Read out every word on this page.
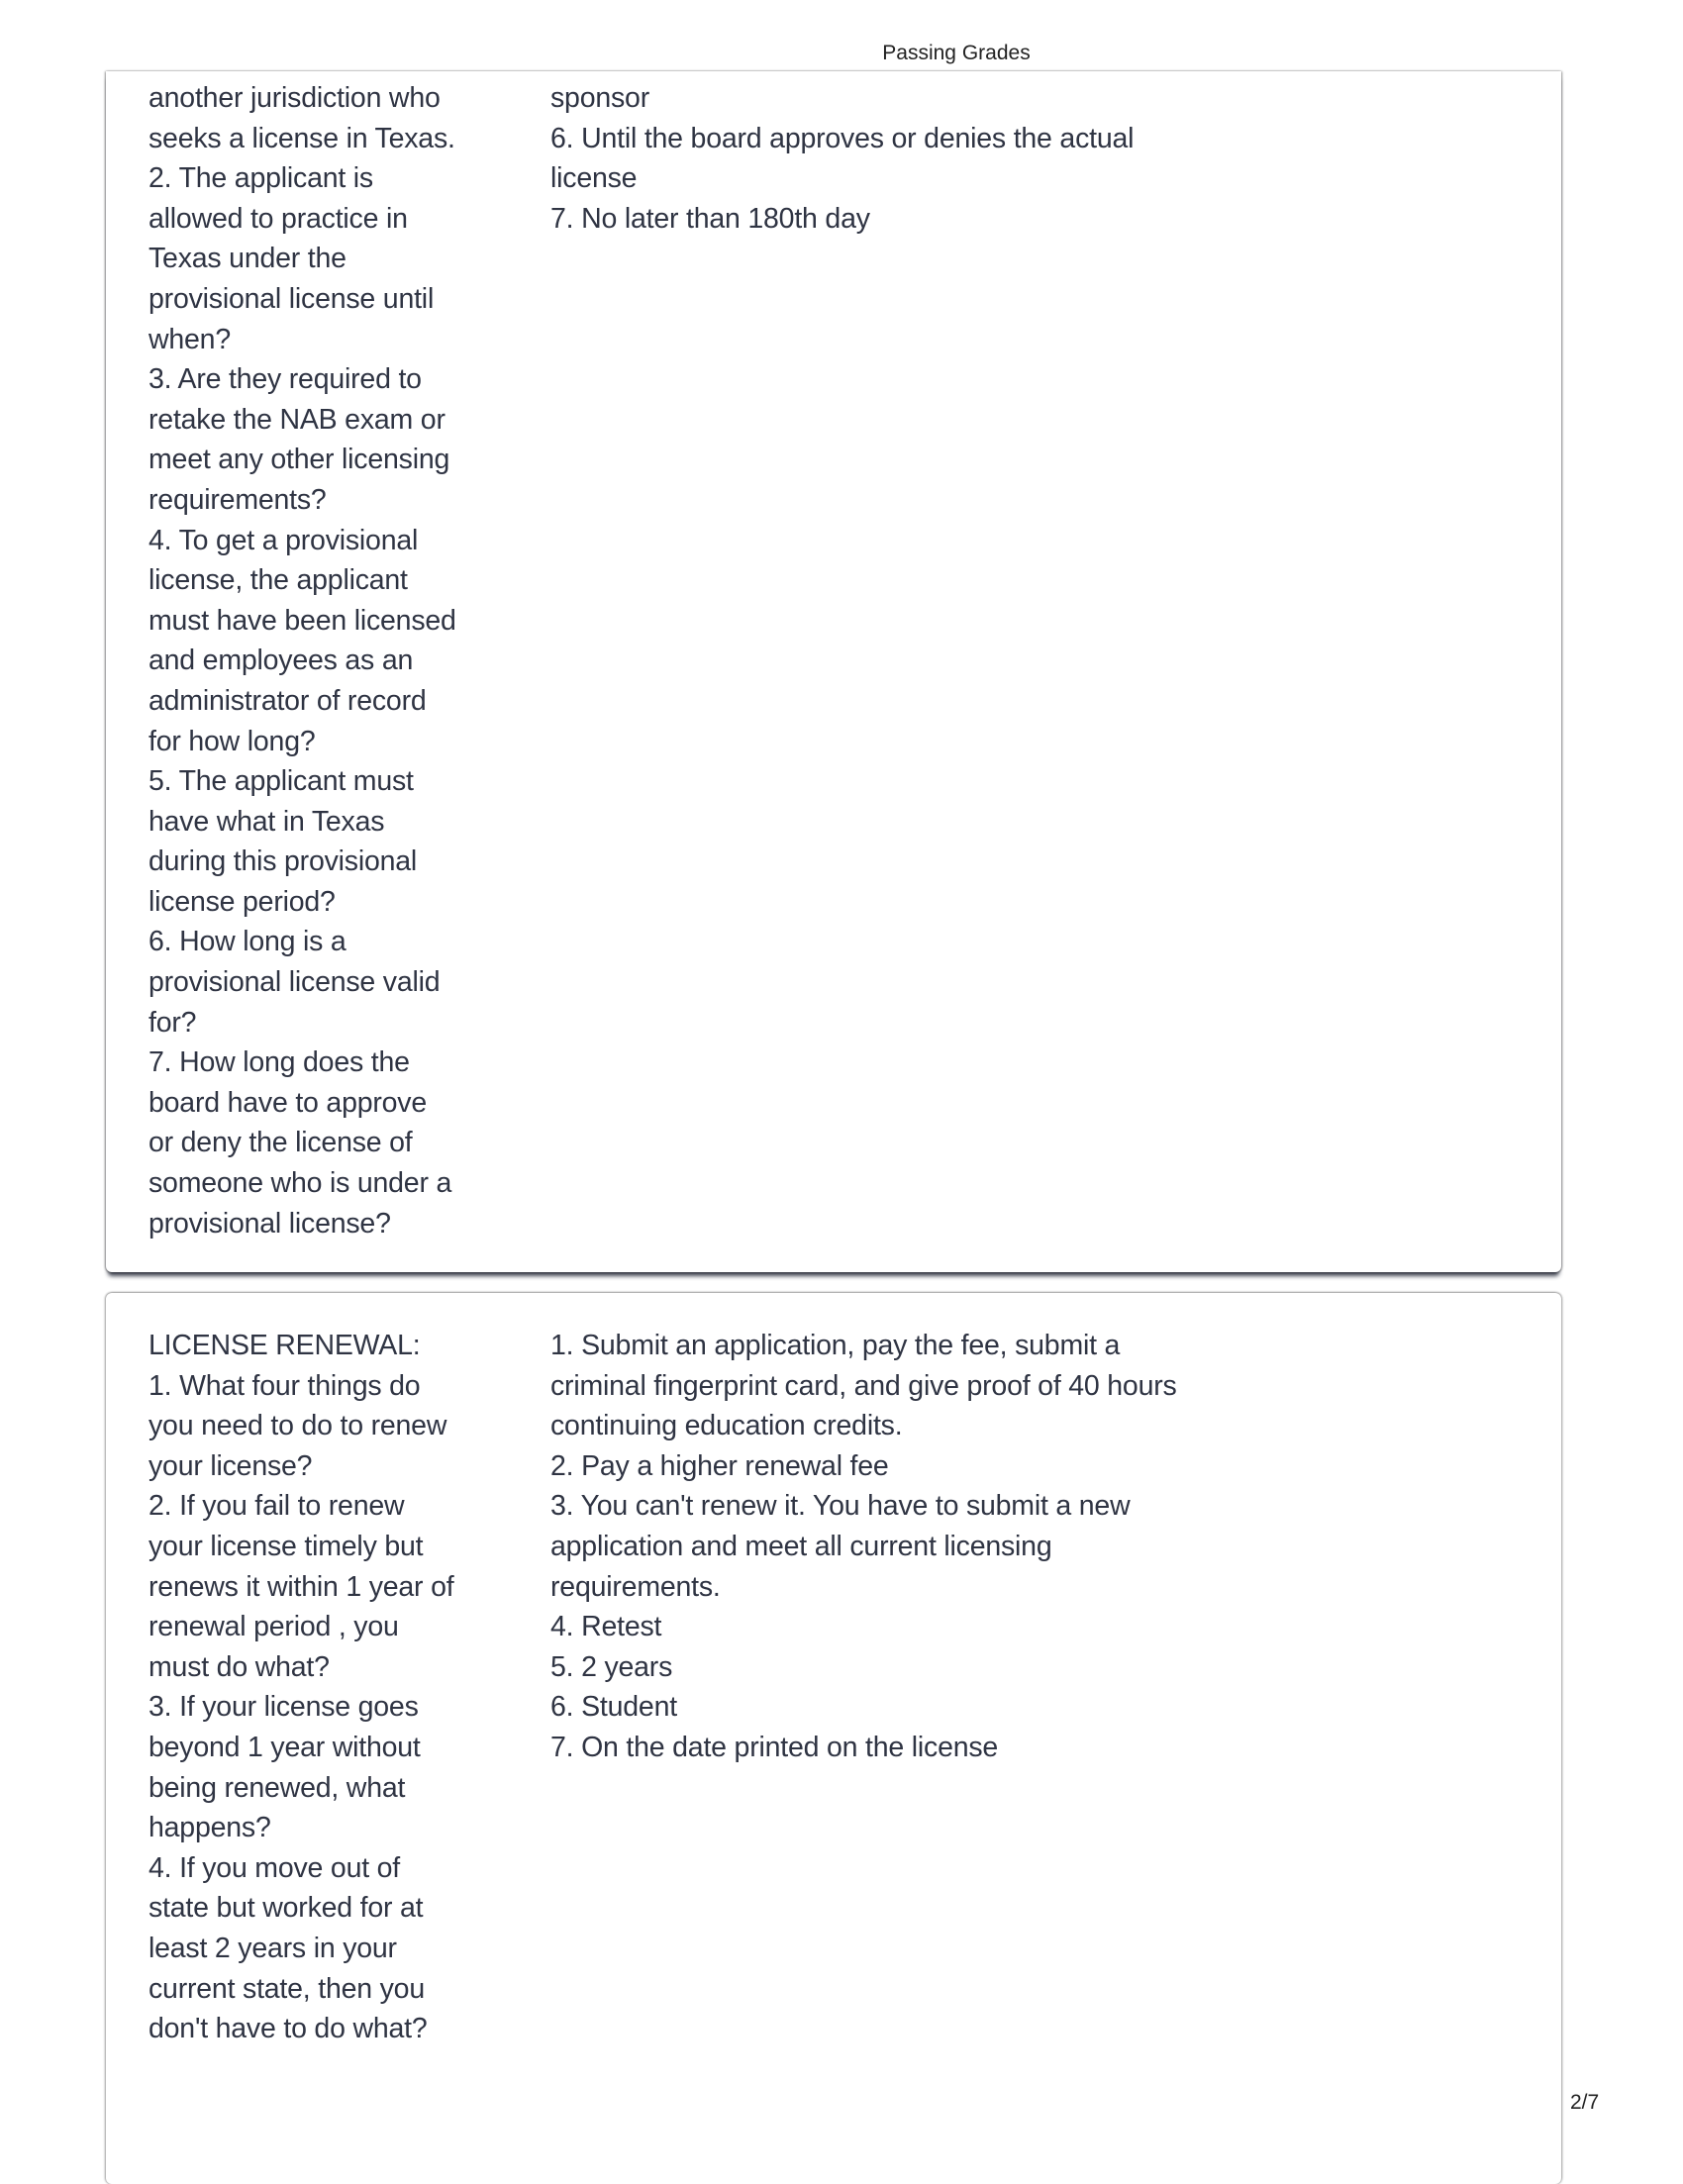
Passing Grades
another jurisdiction who
seeks a license in Texas.
2. The applicant is
allowed to practice in
Texas under the
provisional license until
when?
3. Are they required to
retake the NAB exam or
meet any other licensing
requirements?
4. To get a provisional
license, the applicant
must have been licensed
and employees as an
administrator of record
for how long?
5. The applicant must
have what in Texas
during this provisional
license period?
6. How long is a
provisional license valid
for?
7. How long does the
board have to approve
or deny the license of
someone who is under a
provisional license?
sponsor
6. Until the board approves or denies the actual
license
7. No later than 180th day
LICENSE RENEWAL:
1. What four things do
you need to do to renew
your license?
2. If you fail to renew
your license timely but
renews it within 1 year of
renewal period , you
must do what?
3. If your license goes
beyond 1 year without
being renewed, what
happens?
4. If you move out of
state but worked for at
least 2 years in your
current state, then you
don't have to do what?
1. Submit an application, pay the fee, submit a
criminal fingerprint card, and give proof of 40 hours
continuing education credits.
2. Pay a higher renewal fee
3. You can't renew it. You have to submit a new
application and meet all current licensing
requirements.
4. Retest
5. 2 years
6. Student
7. On the date printed on the license
2/7
